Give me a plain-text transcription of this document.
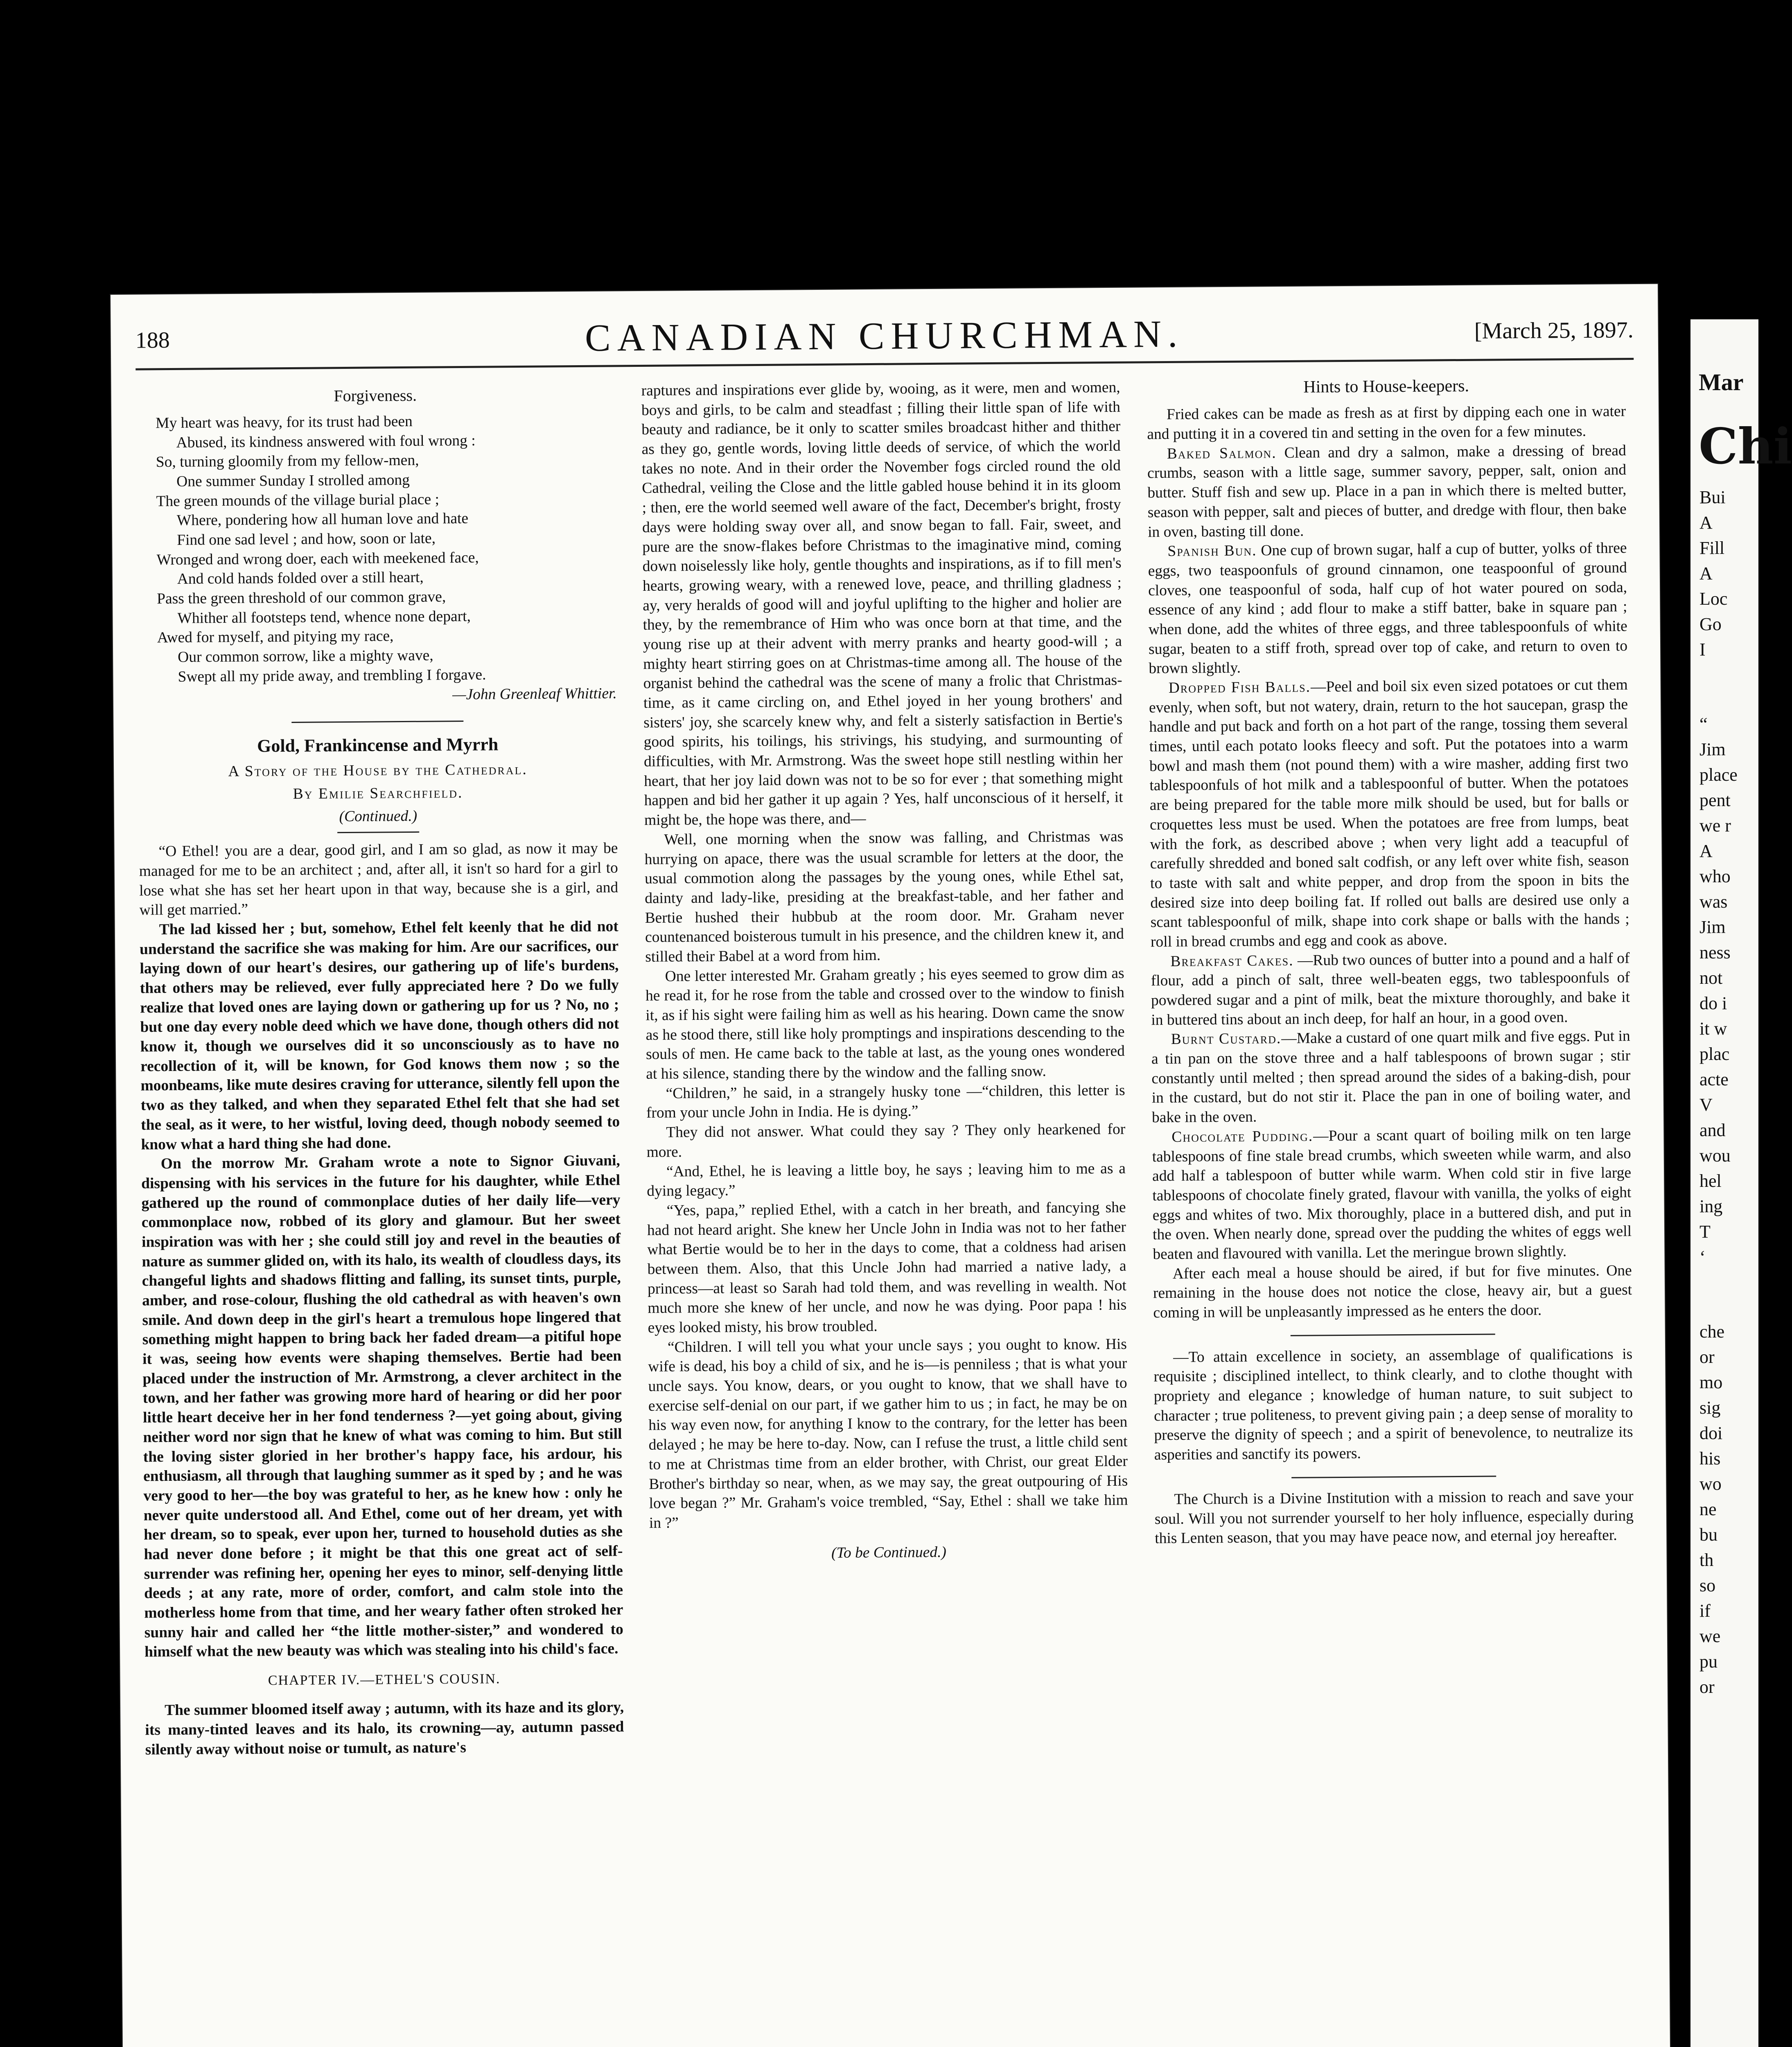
188	CANADIAN CHURCHMAN.	[March 25, 1897.
Forgiveness.

My heart was heavy, for its trust had been

Abused, its kindness answered with foul wrong :

So, turning gloomily from my fellow-men,

One summer Sunday I strolled among

The green mounds of the village burial place ;

Where, pondering how all human love and hate

Find one sad level ; and how, soon or late,

Wronged and wrong doer, each with meekened face,

And cold hands folded over a still heart,

Pass the green threshold of our common grave,

Whither all footsteps tend, whence none depart,

Awed for myself, and pitying my race,

Our common sorrow, like a mighty wave,

Swept all my pride away, and trembling I forgave.

—John Greenleaf Whittier.
Gold, Frankincense and Myrrh
A Story of the House by the Cathedral.
By Emilie Searchfield.
(Continued.)

“O Ethel! you are a dear, good girl, and I am so glad, as now it may be managed for me to be an architect ; and, after all, it isn't so hard for a girl to lose what she has set her heart upon in that way, because she is a girl, and will get married.”

The lad kissed her ; but, somehow, Ethel felt keenly that he did not understand the sacrifice she was making for him. Are our sacrifices, our laying down of our heart's desires, our gathering up of life's burdens, that others may be relieved, ever fully appreciated here ? Do we fully realize that loved ones are laying down or gathering up for us ? No, no ; but one day every noble deed which we have done, though others did not know it, though we ourselves did it so unconsciously as to have no recollection of it, will be known, for God knows them now ; so the moonbeams, like mute desires craving for utterance, silently fell upon the two as they talked, and when they separated Ethel felt that she had set the seal, as it were, to her wistful, loving deed, though nobody seemed to know what a hard thing she had done.

On the morrow Mr. Graham wrote a note to Signor Giuvani, dispensing with his services in the future for his daughter, while Ethel gathered up the round of commonplace duties of her daily life—very commonplace now, robbed of its glory and glamour. But her sweet inspiration was with her ; she could still joy and revel in the beauties of nature as summer glided on, with its halo, its wealth of cloudless days, its changeful lights and shadows flitting and falling, its sunset tints, purple, amber, and rose-colour, flushing the old cathedral as with heaven's own smile. And down deep in the girl's heart a tremulous hope lingered that something might happen to bring back her faded dream—a pitiful hope it was, seeing how events were shaping themselves. Bertie had been placed under the instruction of Mr. Armstrong, a clever architect in the town, and her father was growing more hard of hearing or did her poor little heart deceive her in her fond tenderness ?—yet going about, giving neither word nor sign that he knew of what was coming to him. But still the loving sister gloried in her brother's happy face, his ardour, his enthusiasm, all through that laughing summer as it sped by ; and he was very good to her—the boy was grateful to her, as he knew how : only he never quite understood all. And Ethel, come out of her dream, yet with her dream, so to speak, ever upon her, turned to household duties as she had never done before ; it might be that this one great act of self-surrender was refining her, opening her eyes to minor, self-denying little deeds ; at any rate, more of order, comfort, and calm stole into the motherless home from that time, and her weary father often stroked her sunny hair and called her “the little mother-sister,” and wondered to himself what the new beauty was which was stealing into his child's face.

CHAPTER IV.—ETHEL'S COUSIN.

The summer bloomed itself away ; autumn, with its haze and its glory, its many-tinted leaves and its halo, its crowning—ay, autumn passed silently away without noise or tumult, as nature's

raptures and inspirations ever glide by, wooing, as it were, men and women, boys and girls, to be calm and steadfast ; filling their little span of life with beauty and radiance, be it only to scatter smiles broadcast hither and thither as they go, gentle words, loving little deeds of service, of which the world takes no note. And in their order the November fogs circled round the old Cathedral, veiling the Close and the little gabled house behind it in its gloom ; then, ere the world seemed well aware of the fact, December's bright, frosty days were holding sway over all, and snow began to fall. Fair, sweet, and pure are the snow-flakes before Christmas to the imaginative mind, coming down noiselessly like holy, gentle thoughts and inspirations, as if to fill men's hearts, growing weary, with a renewed love, peace, and thrilling gladness ; ay, very heralds of good will and joyful uplifting to the higher and holier are they, by the remembrance of Him who was once born at that time, and the young rise up at their advent with merry pranks and hearty good-will ; a mighty heart stirring goes on at Christmas-time among all. The house of the organist behind the cathedral was the scene of many a frolic that Christmas-time, as it came circling on, and Ethel joyed in her young brothers' and sisters' joy, she scarcely knew why, and felt a sisterly satisfaction in Bertie's good spirits, his toilings, his strivings, his studying, and surmounting of difficulties, with Mr. Armstrong. Was the sweet hope still nestling within her heart, that her joy laid down was not to be so for ever ; that something might happen and bid her gather it up again ? Yes, half unconscious of it herself, it might be, the hope was there, and—

Well, one morning when the snow was falling, and Christmas was hurrying on apace, there was the usual scramble for letters at the door, the usual commotion along the passages by the young ones, while Ethel sat, dainty and lady-like, presiding at the breakfast-table, and her father and Bertie hushed their hubbub at the room door. Mr. Graham never countenanced boisterous tumult in his presence, and the children knew it, and stilled their Babel at a word from him.

One letter interested Mr. Graham greatly ; his eyes seemed to grow dim as he read it, for he rose from the table and crossed over to the window to finish it, as if his sight were failing him as well as his hearing. Down came the snow as he stood there, still like holy promptings and inspirations descending to the souls of men. He came back to the table at last, as the young ones wondered at his silence, standing there by the window and the falling snow.

“Children,” he said, in a strangely husky tone —“children, this letter is from your uncle John in India. He is dying.”

They did not answer. What could they say ? They only hearkened for more.

“And, Ethel, he is leaving a little boy, he says ; leaving him to me as a dying legacy.”

“Yes, papa,” replied Ethel, with a catch in her breath, and fancying she had not heard aright. She knew her Uncle John in India was not to her father what Bertie would be to her in the days to come, that a coldness had arisen between them. Also, that this Uncle John had married a native lady, a princess—at least so Sarah had told them, and was revelling in wealth. Not much more she knew of her uncle, and now he was dying. Poor papa ! his eyes looked misty, his brow troubled.

“Children. I will tell you what your uncle says ; you ought to know. His wife is dead, his boy a child of six, and he is—is penniless ; that is what your uncle says. You know, dears, or you ought to know, that we shall have to exercise self-denial on our part, if we gather him to us ; in fact, he may be on his way even now, for anything I know to the contrary, for the letter has been delayed ; he may be here to-day. Now, can I refuse the trust, a little child sent to me at Christmas time from an elder brother, with Christ, our great Elder Brother's birthday so near, when, as we may say, the great outpouring of His love began ?” Mr. Graham's voice trembled, “Say, Ethel : shall we take him in ?”

(To be Continued.)
Hints to House-keepers.

Fried cakes can be made as fresh as at first by dipping each one in water and putting it in a covered tin and setting in the oven for a few minutes.

Baked Salmon. Clean and dry a salmon, make a dressing of bread crumbs, season with a little sage, summer savory, pepper, salt, onion and butter. Stuff fish and sew up. Place in a pan in which there is melted butter, season with pepper, salt and pieces of butter, and dredge with flour, then bake in oven, basting till done.

Spanish Bun. One cup of brown sugar, half a cup of butter, yolks of three eggs, two teaspoonfuls of ground cinnamon, one teaspoonful of ground cloves, one teaspoonful of soda, half cup of hot water poured on soda, essence of any kind ; add flour to make a stiff batter, bake in square pan ; when done, add the whites of three eggs, and three tablespoonfuls of white sugar, beaten to a stiff froth, spread over top of cake, and return to oven to brown slightly.

Dropped Fish Balls.—Peel and boil six even sized potatoes or cut them evenly, when soft, but not watery, drain, return to the hot saucepan, grasp the handle and put back and forth on a hot part of the range, tossing them several times, until each potato looks fleecy and soft. Put the potatoes into a warm bowl and mash them (not pound them) with a wire masher, adding first two tablespoonfuls of hot milk and a tablespoonful of butter. When the potatoes are being prepared for the table more milk should be used, but for balls or croquettes less must be used. When the potatoes are free from lumps, beat with the fork, as described above ; when very light add a teacupful of carefully shredded and boned salt codfish, or any left over white fish, season to taste with salt and white pepper, and drop from the spoon in bits the desired size into deep boiling fat. If rolled out balls are desired use only a scant tablespoonful of milk, shape into cork shape or balls with the hands ; roll in bread crumbs and egg and cook as above.

Breakfast Cakes. —Rub two ounces of butter into a pound and a half of flour, add a pinch of salt, three well-beaten eggs, two tablespoonfuls of powdered sugar and a pint of milk, beat the mixture thoroughly, and bake it in buttered tins about an inch deep, for half an hour, in a good oven.

Burnt Custard.—Make a custard of one quart milk and five eggs. Put in a tin pan on the stove three and a half tablespoons of brown sugar ; stir constantly until melted ; then spread around the sides of a baking-dish, pour in the custard, but do not stir it. Place the pan in one of boiling water, and bake in the oven.

Chocolate Pudding.—Pour a scant quart of boiling milk on ten large tablespoons of fine stale bread crumbs, which sweeten while warm, and also add half a tablespoon of butter while warm. When cold stir in five large tablespoons of chocolate finely grated, flavour with vanilla, the yolks of eight eggs and whites of two. Mix thoroughly, place in a buttered dish, and put in the oven. When nearly done, spread over the pudding the whites of eggs well beaten and flavoured with vanilla. Let the meringue brown slightly.

After each meal a house should be aired, if but for five minutes. One remaining in the house does not notice the close, heavy air, but a guest coming in will be unpleasantly impressed as he enters the door.

—To attain excellence in society, an assemblage of qualifications is requisite ; disciplined intellect, to think clearly, and to clothe thought with propriety and elegance ; knowledge of human nature, to suit subject to character ; true politeness, to prevent giving pain ; a deep sense of morality to preserve the dignity of speech ; and a spirit of benevolence, to neutralize its asperities and sanctify its powers.

The Church is a Divine Institution with a mission to reach and save your soul. Will you not surrender yourself to her holy influence, especially during this Lenten season, that you may have peace now, and eternal joy hereafter.

Mar
Chi
Bui
A
Fill
A
Loc
Go
I
“
Jim
place
pent
we r
A
who
was
Jim
ness
not
do i
it w
plac
acte
V
and
wou
hel
ing
T
‘
che
or
mo
sig
doi
his
wo
ne
bu
th
so
if
we
pu
or
